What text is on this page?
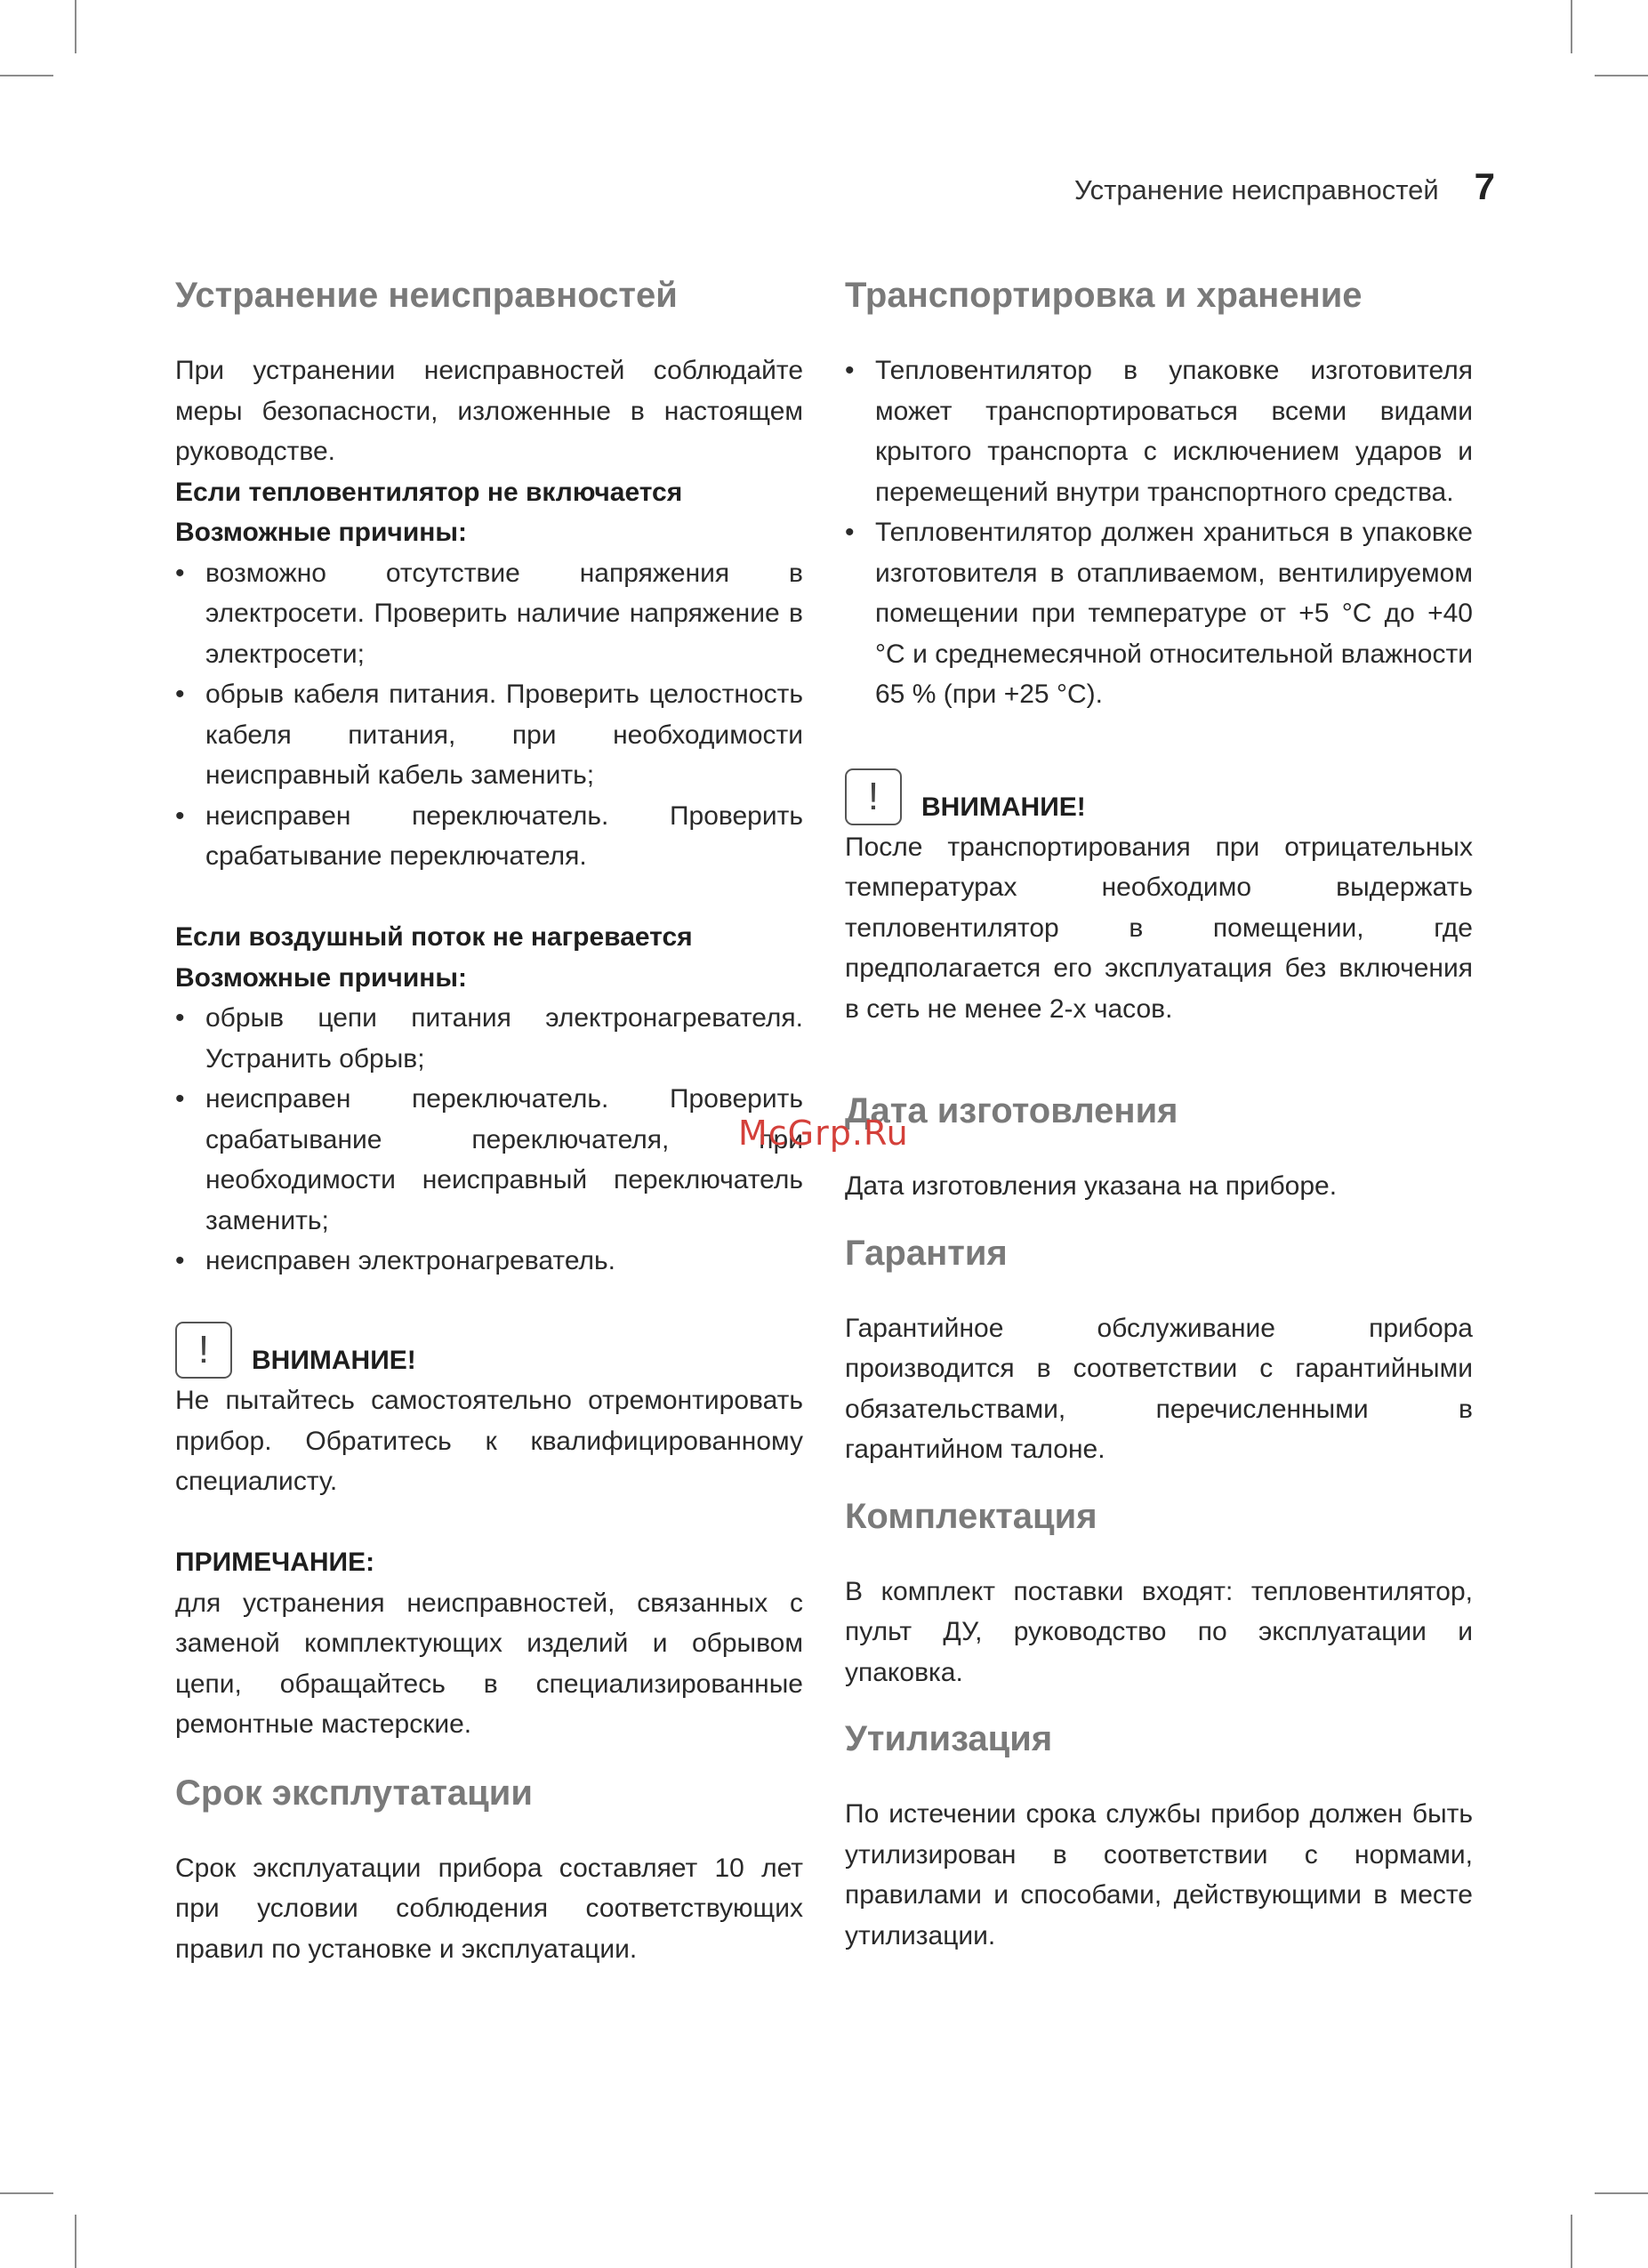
Устранение неисправностей 7
Устранение неисправностей

При устранении неисправностей соблюдайте меры безопасности, изложенные в настоящем руководстве.

Если тепловентилятор не включается
Возможные причины:
• возможно отсутствие напряжения в электросети. Проверить наличие напряжение в электросети;
• обрыв кабеля питания. Проверить целостность кабеля питания, при необходимости неисправный кабель заменить;
• неисправен переключатель. Проверить срабатывание переключателя.
Если воздушный поток не нагревается
Возможные причины:
• обрыв цепи питания электронагревателя. Устранить обрыв;
• неисправен переключатель. Проверить срабатывание переключателя, при необходимости неисправный переключатель заменить;
• неисправен электронагреватель.
!	ВНИМАНИЕ!

Не пытайтесь самостоятельно отремонтировать прибор. Обратитесь к квалифицированному специалисту.

ПРИМЕЧАНИЕ:

для устранения неисправностей, связанных с заменой комплектующих изделий и обрывом цепи, обращайтесь в специализированные ремонтные мастерские.

Срок эксплутатации

Срок эксплуатации прибора составляет 10 лет при условии соблюдения соответствующих правил по установке и эксплуатации.

Транспортировка и хранение
• Тепловентилятор в упаковке изготовителя может транспортироваться всеми видами крытого транспорта с исключением ударов и перемещений внутри транспортного средства.
• Тепловентилятор должен храниться в упаковке изготовителя в отапливаемом, вентилируемом помещении при температуре от +5 °С до +40 °С и среднемесячной относительной влажности 65 % (при +25 °С).
!	ВНИМАНИЕ!

После транспортирования при отрицательных температурах необходимо выдержать тепловентилятор в помещении, где предполагается его эксплуатация без включения в сеть не менее 2-х часов.

Дата изготовления

Дата изготовления указана на приборе.

Гарантия

Гарантийное обслуживание прибора производится в соответствии с гарантийными обязательствами, перечисленными в гарантийном талоне.

Комплектация

В комплект поставки входят: тепловентилятор, пульт ДУ, руководство по эксплуатации и упаковка.

Утилизация

По истечении срока службы прибор должен быть утилизирован в соответствии с нормами, правилами и способами, действующими в месте утилизации.

McGrp.Ru
